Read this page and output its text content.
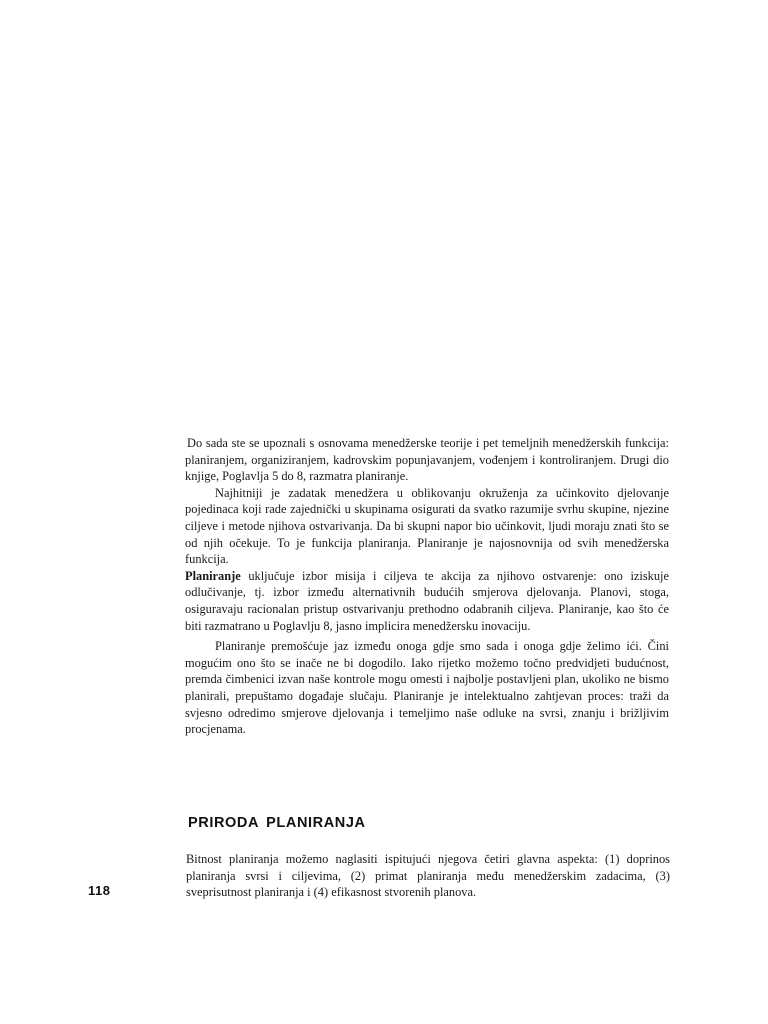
Do sada ste se upoznali s osnovama menedžerske teorije i pet temeljnih menedžerskih funkcija: planiranjem, organiziranjem, kadrovskim popunjavanjem, vođenjem i kontroliranjem. Drugi dio knjige, Poglavlja 5 do 8, razmatra planiranje.

Najhitniji je zadatak menedžera u oblikovanju okruženja za učinkovito djelovanje pojedinaca koji rade zajednički u skupinama osigurati da svatko razumije svrhu skupine, njezine ciljeve i metode njihova ostvarivanja. Da bi skupni napor bio učinkovit, ljudi moraju znati što se od njih očekuje. To je funkcija planiranja. Planiranje je najosnovnija od svih menedžerska funkcija.
Planiranje uključuje izbor misija i ciljeva te akcija za njihovo ostvarenje: ono iziskuje odlučivanje, tj. izbor između alternativnih budućih smjerova djelovanja. Planovi, stoga, osiguravaju racionalan pristup ostvarivanju prethodno odabranih ciljeva. Planiranje, kao što će biti razmatrano u Poglavlju 8, jasno implicira menedžersku inovaciju.

Planiranje premošćuje jaz između onoga gdje smo sada i onoga gdje želimo ići. Čini mogućim ono što se inače ne bi dogodilo. Iako rijetko možemo točno predvidjeti budućnost, premda čimbenici izvan naše kontrole mogu omesti i najbolje postavljeni plan, ukoliko ne bismo planirali, prepuštamo događaje slučaju. Planiranje je intelektualno zahtjevan proces: traži da svjesno odredimo smjerove djelovanja i temeljimo naše odluke na svrsi, znanju i brižljivim procjenama.

PRIRODA PLANIRANJA

Bitnost planiranja možemo naglasiti ispitujući njegova četiri glavna aspekta: (1) doprinos planiranja svrsi i ciljevima, (2) primat planiranja među menedžerskim zadacima, (3) sveprisutnost planiranja i (4) efikasnost stvorenih planova.

118
